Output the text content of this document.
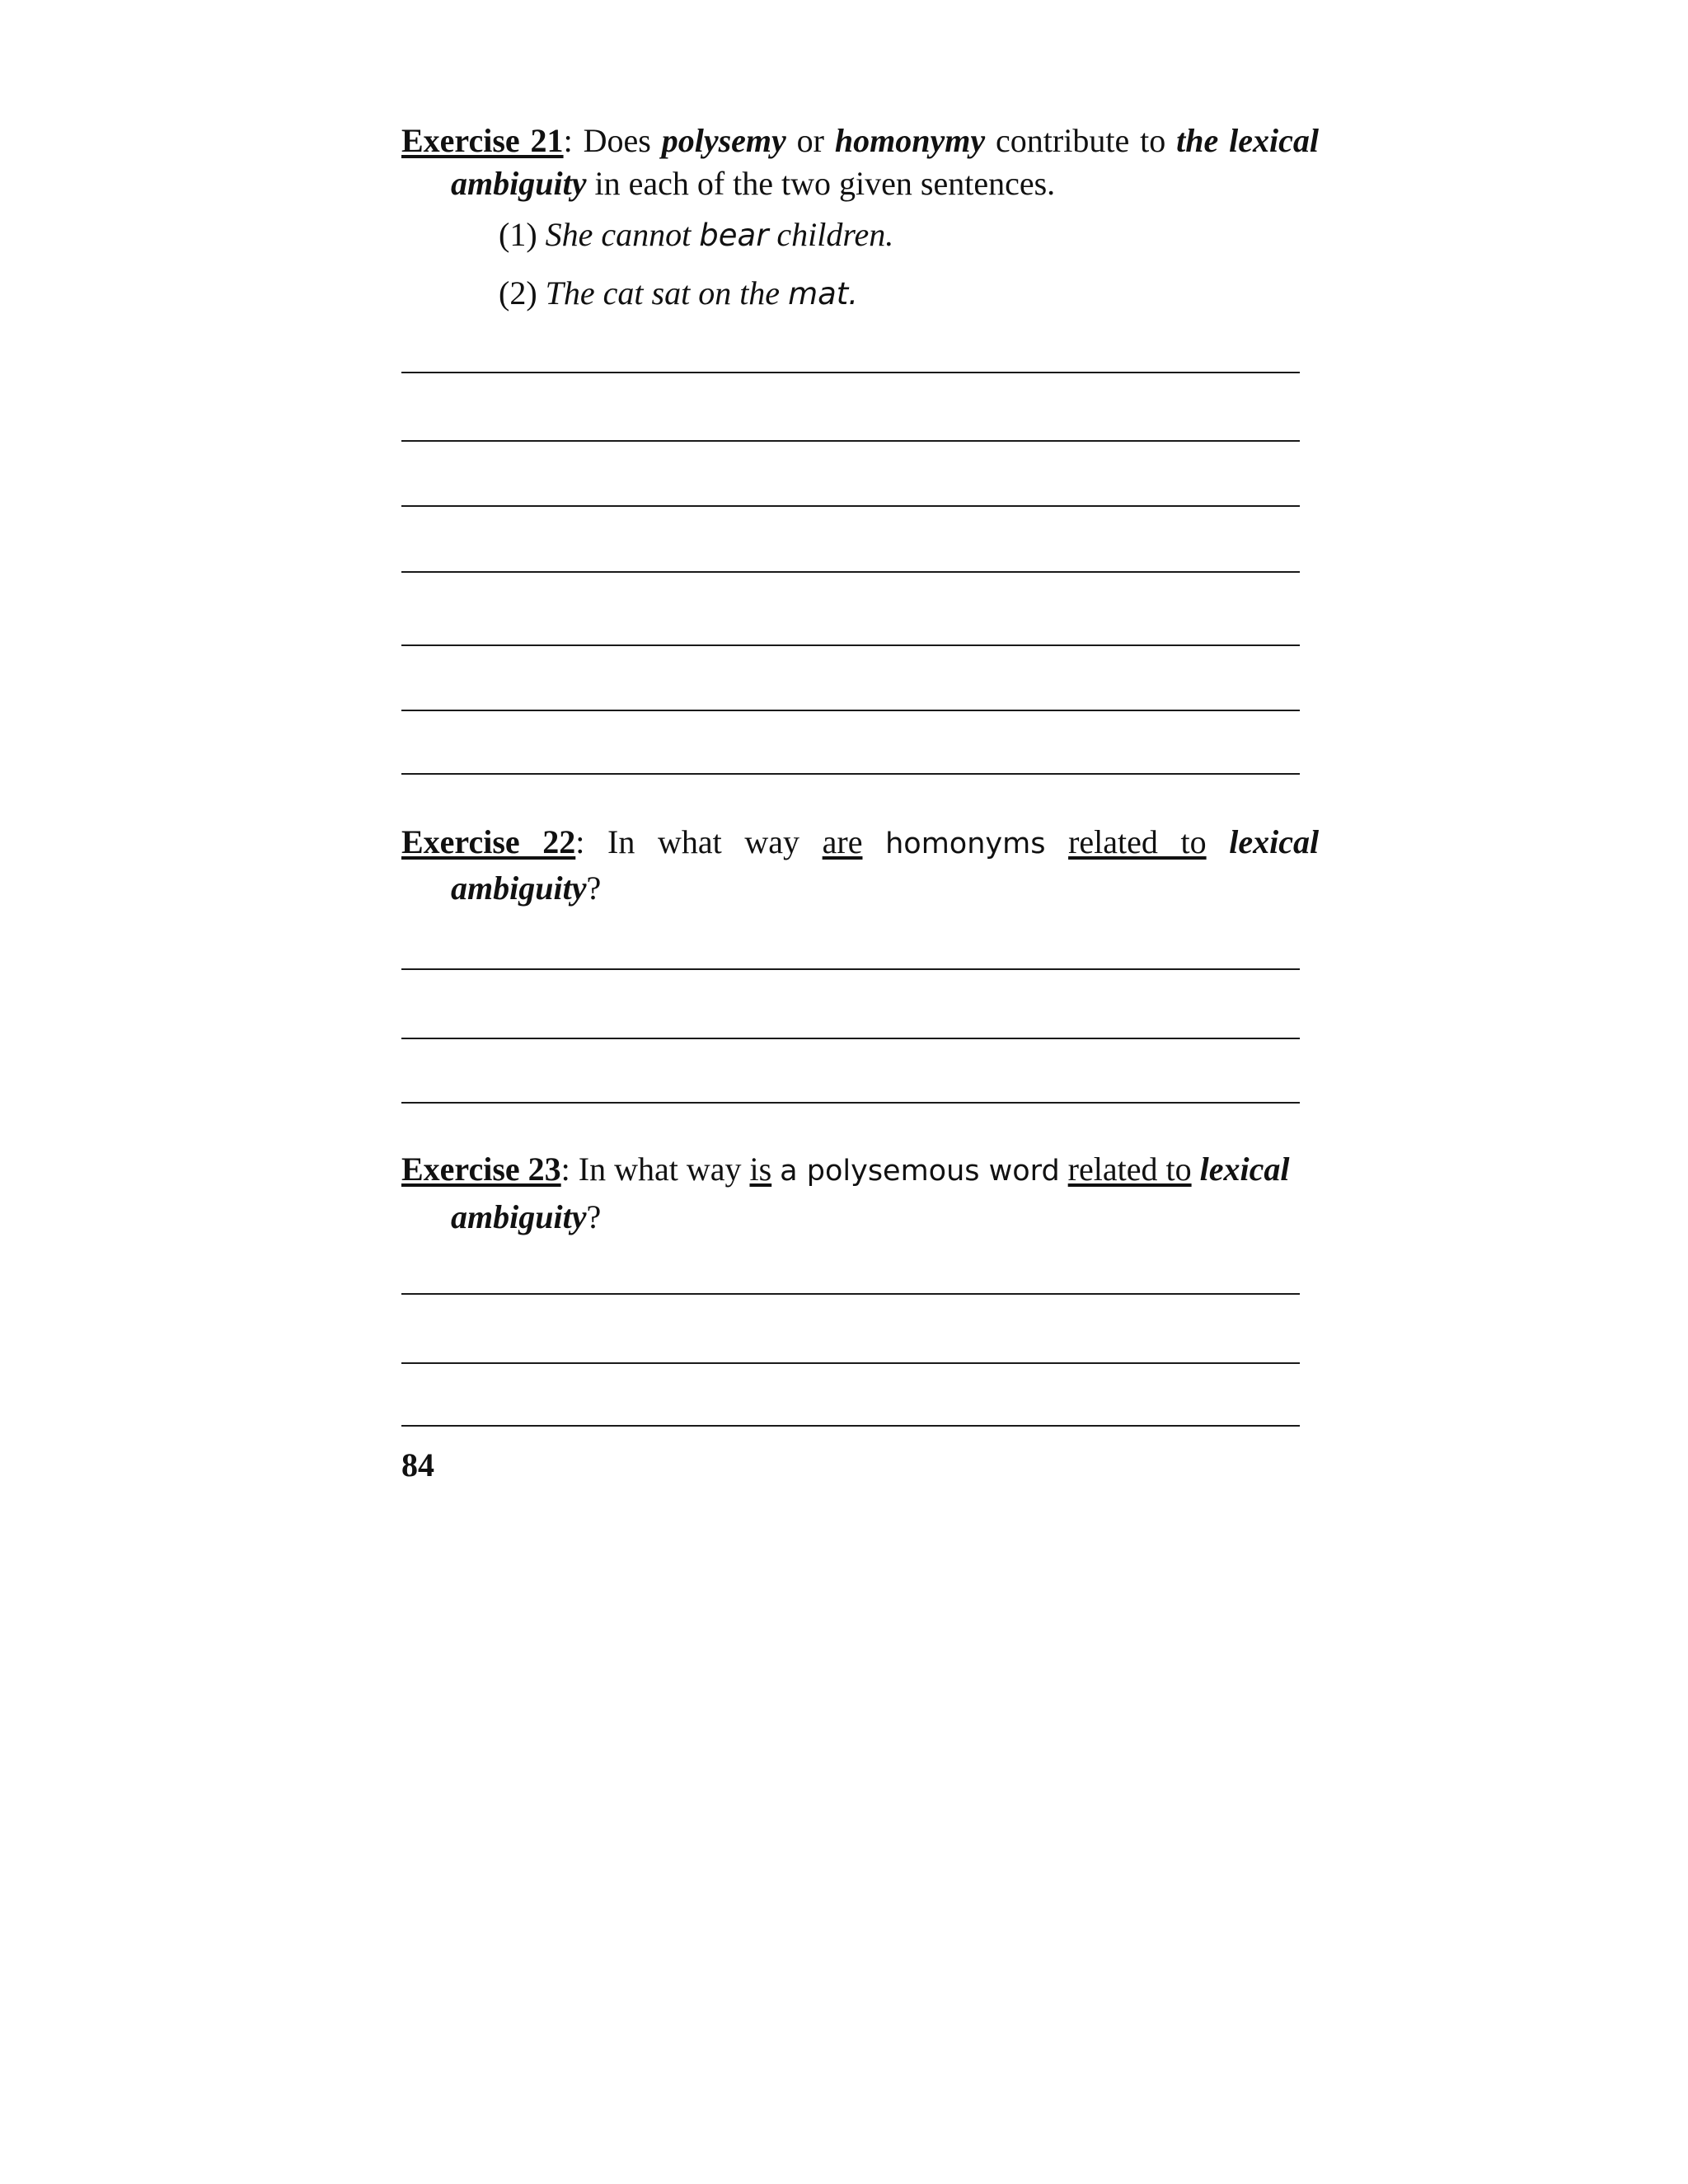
Exercise 21: Does polysemy or homonymy contribute to the lexical
ambiguity in each of the two given sentences.
(1) She cannot bear children.
(2) The cat sat on the mat.
Exercise 22: In what way are homonyms related to lexical
ambiguity?
Exercise 23: In what way is a polysemous word related to lexical
ambiguity?
84
